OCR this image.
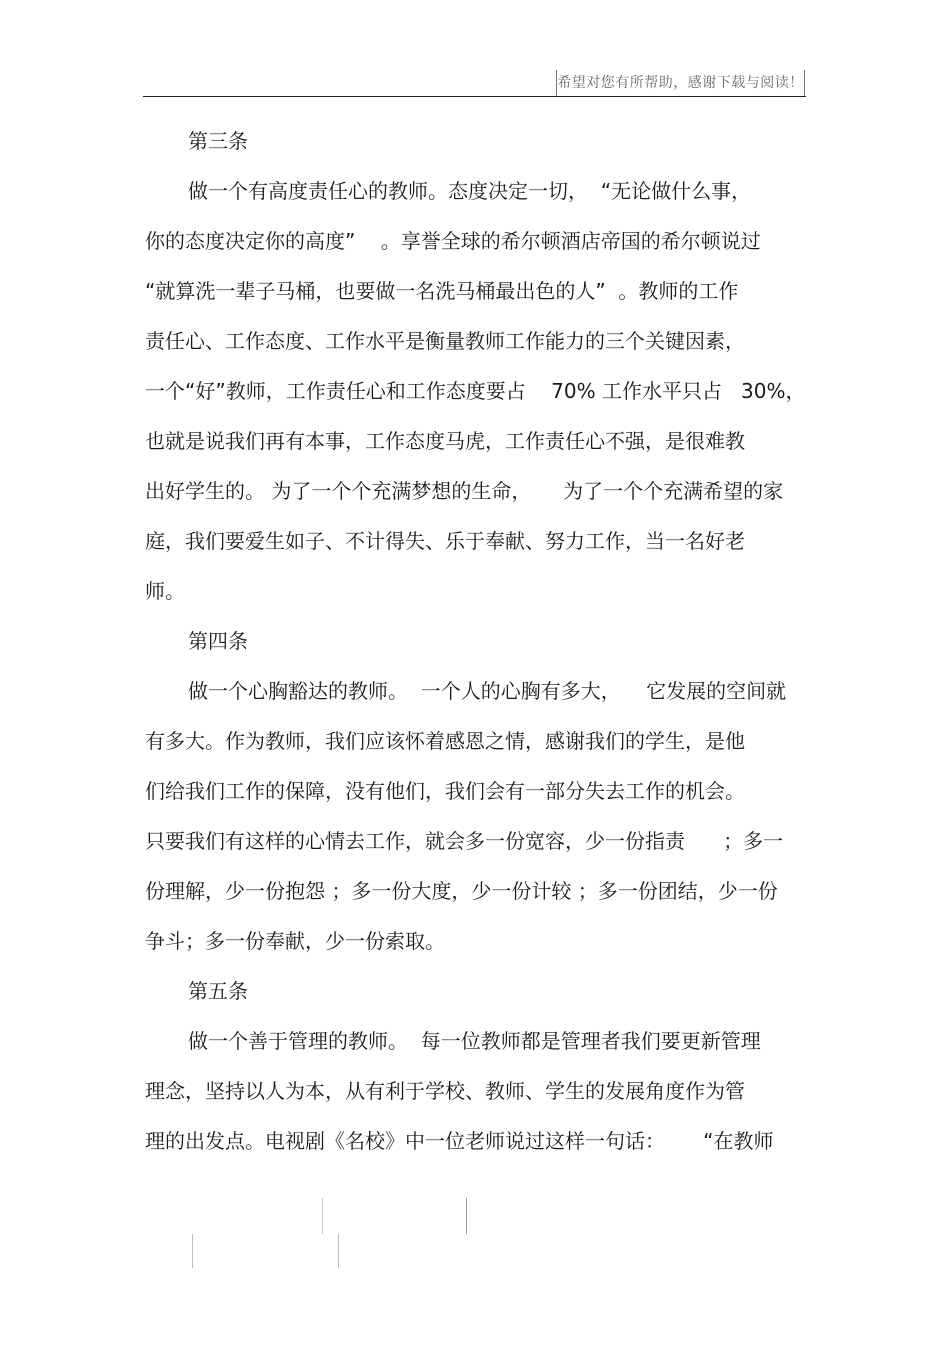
希望对您有所帮助，感谢下载与阅读！
第三条
做一个有高度责任心的教师。态度决定一切，  “无论做什么事，
你的态度决定你的高度”    。享誉全球的希尔顿酒店帝国的希尔顿说过
“就算洗一辈子马桶，也要做一名洗马桶最出色的人”  。教师的工作
责任心、工作态度、工作水平是衡量教师工作能力的三个关键因素，
一个“好”教师，工作责任心和工作态度要占    70% 工作水平只占   30%，
也就是说我们再有本事，工作态度马虎，工作责任心不强，是很难教
出好学生的。 为了一个个充满梦想的生命，     为了一个个充满希望的家
庭，我们要爱生如子、不计得失、乐于奉献、努力工作，当一名好老
师。
第四条
做一个心胸豁达的教师。  一个人的心胸有多大，    它发展的空间就
有多大。作为教师，我们应该怀着感恩之情，感谢我们的学生，是他
们给我们工作的保障，没有他们，我们会有一部分失去工作的机会。
只要我们有这样的心情去工作，就会多一份宽容，少一份指责      ；多一
份理解，少一份抱怨 ；多一份大度，少一份计较 ；多一份团结，少一份
争斗；多一份奉献，少一份索取。
第五条
做一个善于管理的教师。  每一位教师都是管理者我们要更新管理
理念，坚持以人为本，从有利于学校、教师、学生的发展角度作为管
理的出发点。电视剧《名校》中一位老师说过这样一句话：      “在教师
